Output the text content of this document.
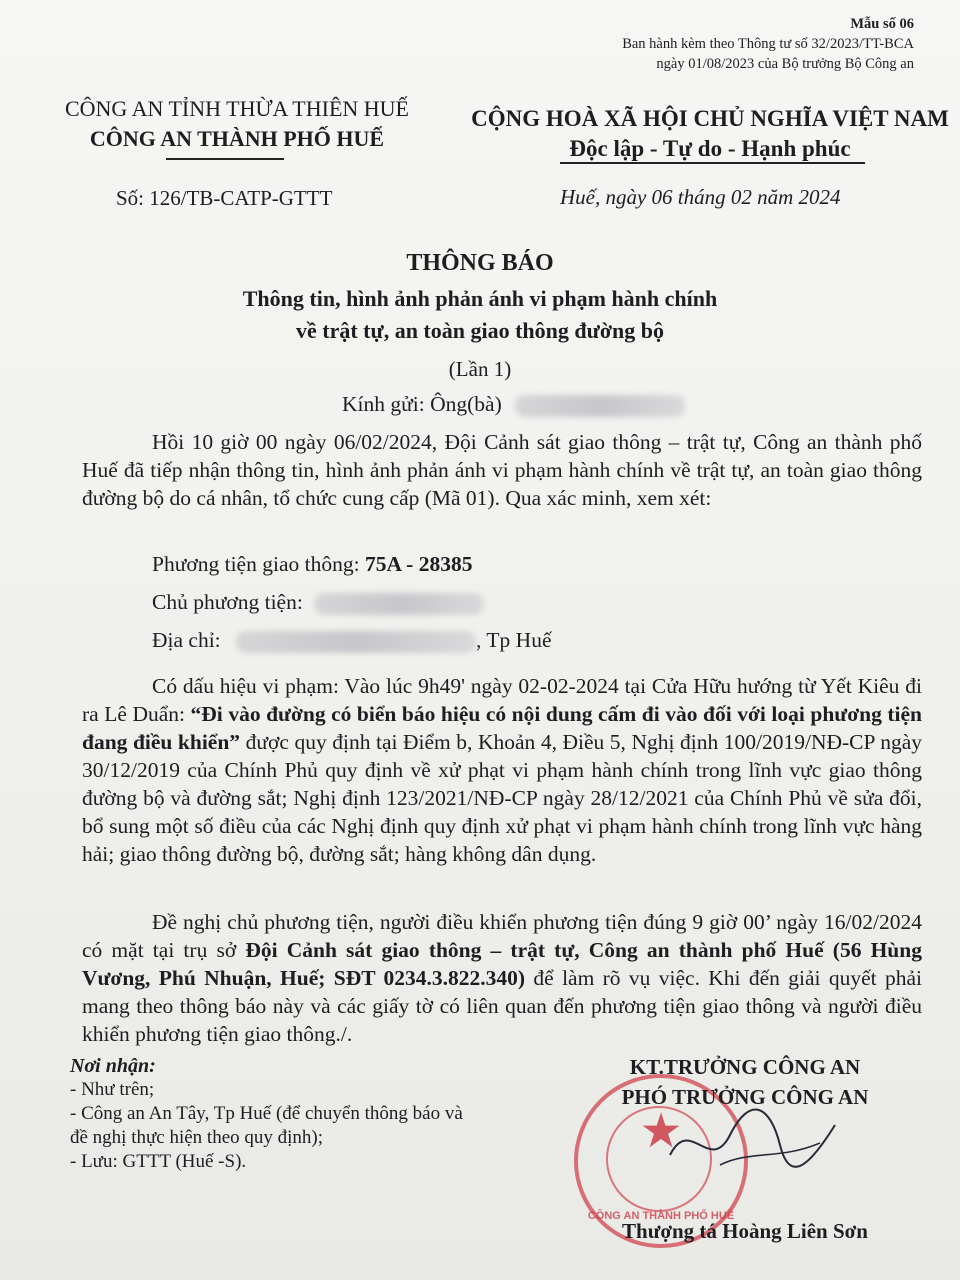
Mẫu số 06
Ban hành kèm theo Thông tư số 32/2023/TT-BCA
ngày 01/08/2023 của Bộ trưởng Bộ Công an
CÔNG AN TỈNH THỪA THIÊN HUẾ
CÔNG AN THÀNH PHỐ HUẾ
CỘNG HOÀ XÃ HỘI CHỦ NGHĨA VIỆT NAM
Độc lập - Tự do - Hạnh phúc
Số: 126/TB-CATP-GTTT	Huế, ngày 06 tháng 02 năm 2024
THÔNG BÁO
Thông tin, hình ảnh phản ánh vi phạm hành chính
về trật tự, an toàn giao thông đường bộ
(Lần 1)
Kính gửi: Ông(bà)

Hồi 10 giờ 00 ngày 06/02/2024, Đội Cảnh sát giao thông – trật tự, Công an thành phố Huế đã tiếp nhận thông tin, hình ảnh phản ánh vi phạm hành chính về trật tự, an toàn giao thông đường bộ do cá nhân, tổ chức cung cấp (Mã 01). Qua xác minh, xem xét:

Phương tiện giao thông: 75A - 28385
Chủ phương tiện:
Địa chỉ:	, Tp Huế

Có dấu hiệu vi phạm: Vào lúc 9h49' ngày 02-02-2024 tại Cửa Hữu hướng từ Yết Kiêu đi ra Lê Duẩn: “Đi vào đường có biển báo hiệu có nội dung cấm đi vào đối với loại phương tiện đang điều khiển” được quy định tại Điểm b, Khoản 4, Điều 5, Nghị định 100/2019/NĐ-CP ngày 30/12/2019 của Chính Phủ quy định về xử phạt vi phạm hành chính trong lĩnh vực giao thông đường bộ và đường sắt; Nghị định 123/2021/NĐ-CP ngày 28/12/2021 của Chính Phủ về sửa đổi, bổ sung một số điều của các Nghị định quy định xử phạt vi phạm hành chính trong lĩnh vực hàng hải; giao thông đường bộ, đường sắt; hàng không dân dụng.

Đề nghị chủ phương tiện, người điều khiển phương tiện đúng 9 giờ 00’ ngày 16/02/2024 có mặt tại trụ sở Đội Cảnh sát giao thông – trật tự, Công an thành phố Huế (56 Hùng Vương, Phú Nhuận, Huế; SĐT 0234.3.822.340) để làm rõ vụ việc. Khi đến giải quyết phải mang theo thông báo này và các giấy tờ có liên quan đến phương tiện giao thông và người điều khiển phương tiện giao thông./.

Nơi nhận:
- Như trên;
- Công an An Tây, Tp Huế (để chuyển thông báo và
đề nghị thực hiện theo quy định);
- Lưu: GTTT (Huế -S).
★
CÔNG AN THÀNH PHỐ HUẾ
KT.TRƯỞNG CÔNG AN
PHÓ TRƯỞNG CÔNG AN
Thượng tá Hoàng Liên Sơn
